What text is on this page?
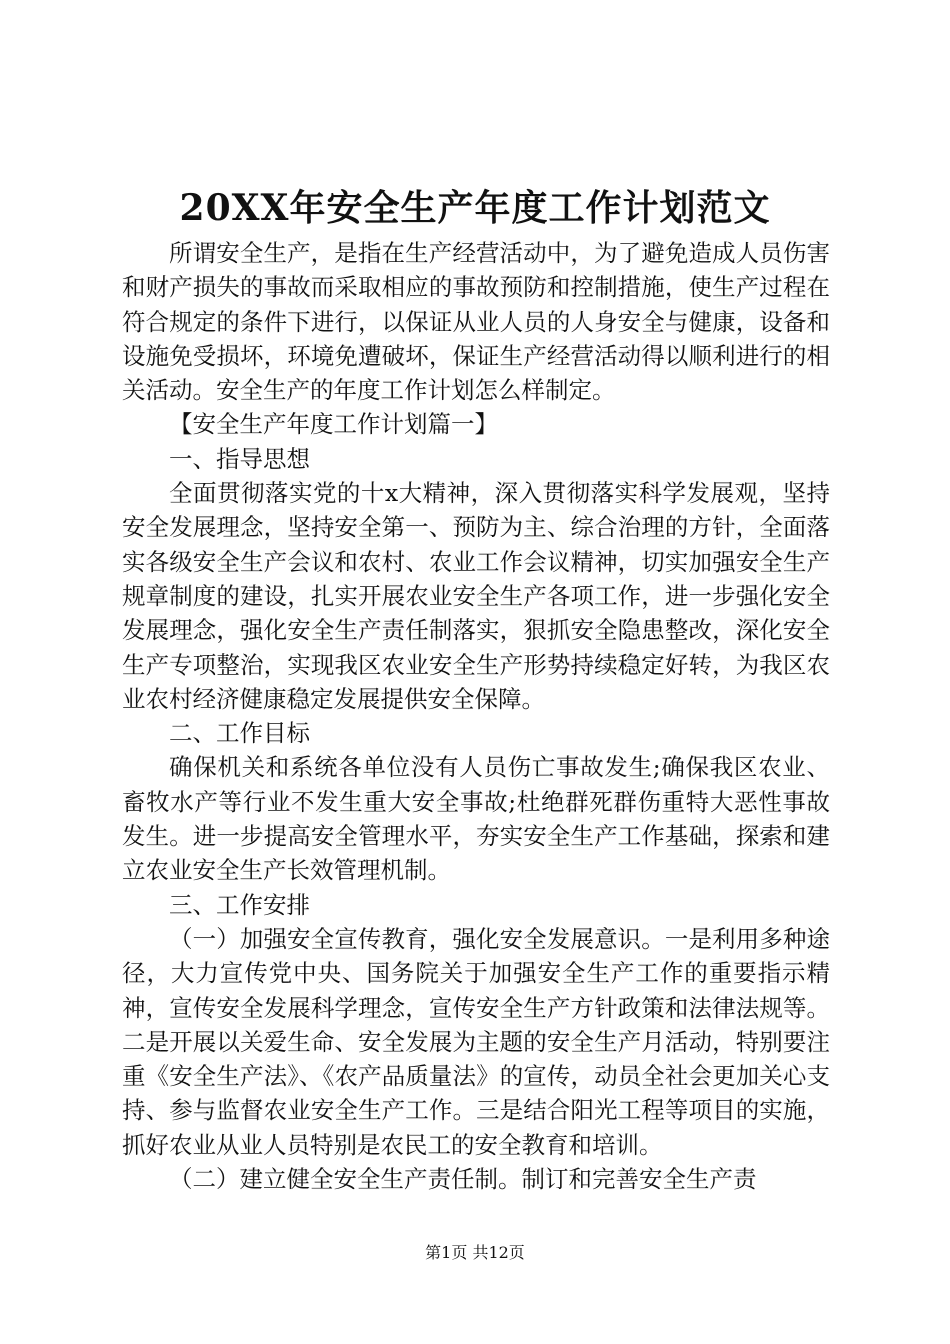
20XX年安全生产年度工作计划范文

所谓安全生产，是指在生产经营活动中，为了避免造成人员伤害和财产损失的事故而采取相应的事故预防和控制措施，使生产过程在符合规定的条件下进行，以保证从业人员的人身安全与健康，设备和设施免受损坏，环境免遭破坏，保证生产经营活动得以顺利进行的相关活动。安全生产的年度工作计划怎么样制定。

【安全生产年度工作计划篇一】

一、指导思想

全面贯彻落实党的十x大精神，深入贯彻落实科学发展观，坚持安全发展理念，坚持安全第一、预防为主、综合治理的方针，全面落实各级安全生产会议和农村、农业工作会议精神，切实加强安全生产规章制度的建设，扎实开展农业安全生产各项工作，进一步强化安全发展理念，强化安全生产责任制落实，狠抓安全隐患整改，深化安全生产专项整治，实现我区农业安全生产形势持续稳定好转，为我区农业农村经济健康稳定发展提供安全保障。

二、工作目标

确保机关和系统各单位没有人员伤亡事故发生;确保我区农业、畜牧水产等行业不发生重大安全事故;杜绝群死群伤重特大恶性事故发生。进一步提高安全管理水平，夯实安全生产工作基础，探索和建立农业安全生产长效管理机制。

三、工作安排

（一）加强安全宣传教育，强化安全发展意识。一是利用多种途径，大力宣传党中央、国务院关于加强安全生产工作的重要指示精神，宣传安全发展科学理念，宣传安全生产方针政策和法律法规等。二是开展以关爱生命、安全发展为主题的安全生产月活动，特别要注重《安全生产法》、《农产品质量法》的宣传，动员全社会更加关心支持、参与监督农业安全生产工作。三是结合阳光工程等项目的实施，抓好农业从业人员特别是农民工的安全教育和培训。

（二）建立健全安全生产责任制。制订和完善安全生产责

第1页 共12页
